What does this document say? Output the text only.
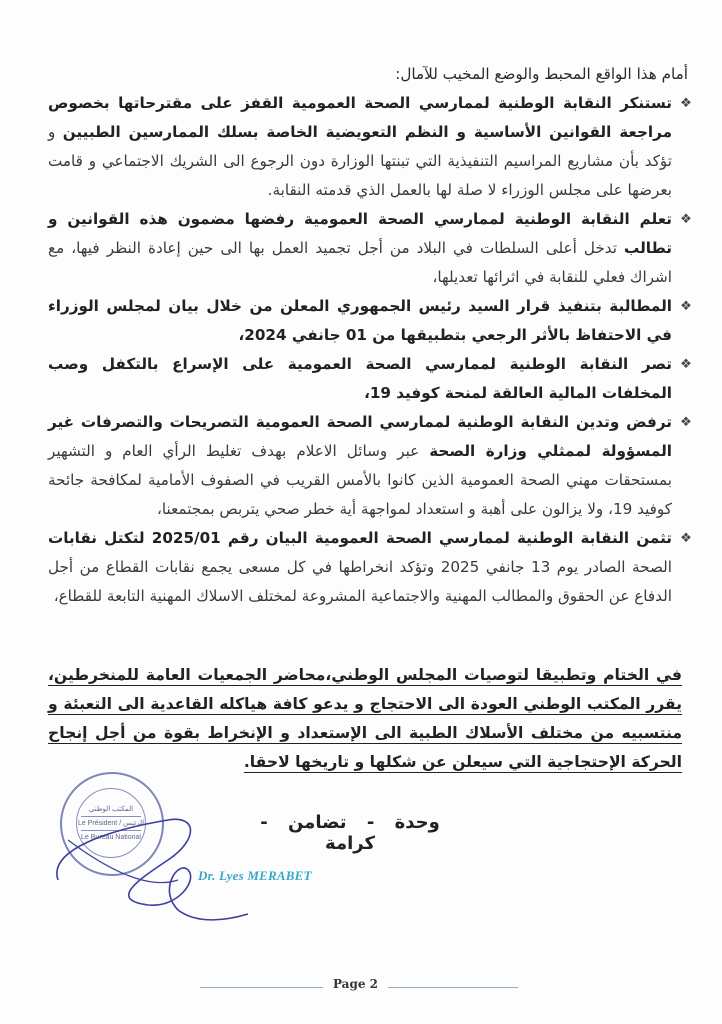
أمام هذا الواقع المحبط والوضع المخيب للآمال:

❖
تستنكر النقابة الوطنية لممارسي الصحة العمومية القفز على مقترحاتها بخصوص مراجعة القوانين الأساسية و النظم التعويضية الخاصة بسلك الممارسين الطبيين و تؤكد بأن مشاريع المراسيم التنفيذية التي تبنتها الوزارة دون الرجوع الى الشريك الاجتماعي و قامت بعرضها على مجلس الوزراء لا صلة لها بالعمل الذي قدمته النقابة.
❖
تعلم النقابة الوطنية لممارسي الصحة العمومية رفضها مضمون هذه القوانين و تطالب تدخل أعلى السلطات في البلاد من أجل تجميد العمل بها الى حين إعادة النظر فيها، مع اشراك فعلي للنقابة في اثرائها تعديلها،
❖
المطالبة بتنفيذ قرار السيد رئيس الجمهوري المعلن من خلال بيان لمجلس الوزراء في الاحتفاظ بالأثر الرجعي بتطبيقها من 01 جانفي 2024،
❖
تصر النقابة الوطنية لممارسي الصحة العمومية على الإسراع بالتكفل وصب المخلفات المالية العالقة لمنحة كوفيد 19،
❖
ترفض وتدين النقابة الوطنية لممارسي الصحة العمومية التصريحات والتصرفات غير المسؤولة لممثلي وزارة الصحة عبر وسائل الاعلام بهدف تغليط الرأي العام و التشهير بمستحقات مهني الصحة العمومية الذين كانوا بالأمس القريب في الصفوف الأمامية لمكافحة جائحة كوفيد 19، ولا يزالون على أهبة و استعداد لمواجهة أية خطر صحي يتربص بمجتمعنا،
❖
تثمن النقابة الوطنية لممارسي الصحة العمومية البيان رقم 2025/01 لتكتل نقابات الصحة الصادر يوم 13 جانفي 2025 وتؤكد انخراطها في كل مسعى يجمع نقابات القطاع من أجل الدفاع عن الحقوق والمطالب المهنية والاجتماعية المشروعة لمختلف الاسلاك المهنية التابعة للقطاع،

في الختام وتطبيقا لتوصيات المجلس الوطني،محاضر الجمعيات العامة للمنخرطين، يقرر المكتب الوطني العودة الى الاحتجاج و يدعو كافة هياكله القاعدية الى التعبئة و منتسبيه من مختلف الأسلاك الطبية الى الإستعداد و الإنخراط بقوة من أجل إنجاح الحركة الإحتجاجية التي سيعلن عن شكلها و تاريخها لاحقا.

وحدة - تضامن - كرامة
المكتب الوطني
Le Président / الرئيس
Le Bureau National
Dr. Lyes MERABET
Page 2
